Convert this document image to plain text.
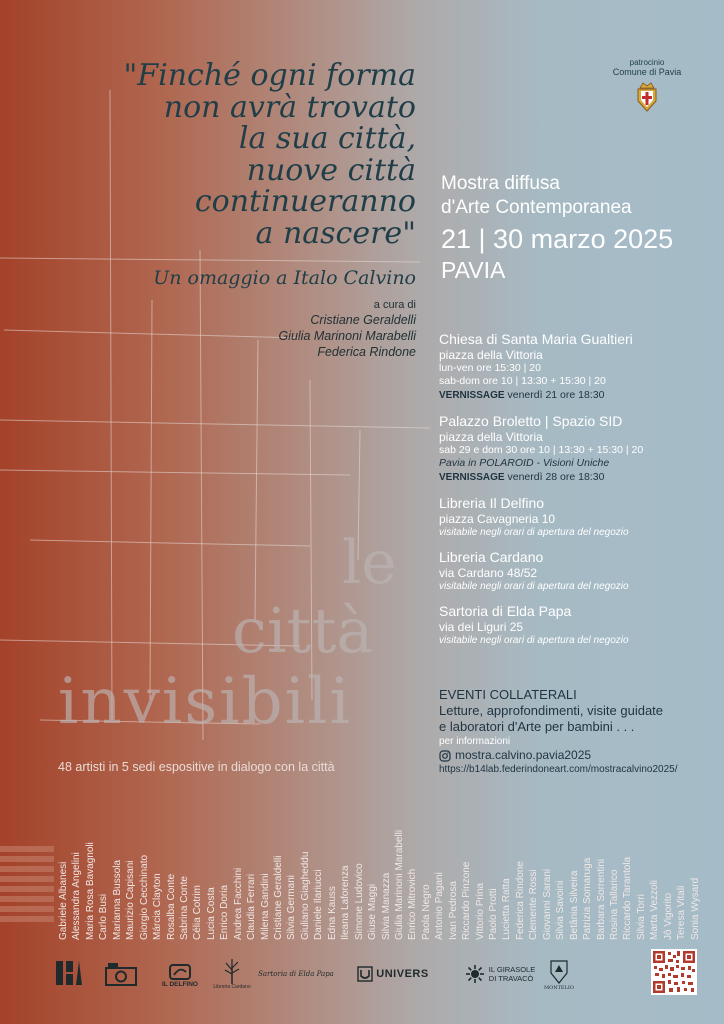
"Finché ogni forma
non avrà trovato
la sua città,
nuove città
continueranno
a nascere"
Un omaggio a Italo Calvino
a cura di
Cristiane Geraldelli
Giulia Marinoni Marabelli
Federica Rindone
patrocinio
Comune di Pavia
Mostra diffusa
d'Arte Contemporanea
21 | 30 marzo 2025
PAVIA
Chiesa di Santa Maria Gualtieri
piazza della Vittoria
lun-ven ore 15:30 | 20
sab-dom ore 10 | 13:30 + 15:30 | 20
VERNISSAGE venerdì 21 ore 18:30
Palazzo Broletto | Spazio SID
piazza della Vittoria
sab 29 e dom 30 ore 10 | 13:30 + 15:30 | 20
Pavia in POLAROID - Visioni Uniche
VERNISSAGE venerdì 28 ore 18:30
Libreria Il Delfino
piazza Cavagneria 10
visitabile negli orari di apertura del negozio
Libreria Cardano
via Cardano 48/52
visitabile negli orari di apertura del negozio
Sartoria di Elda Papa
via dei Liguri 25
visitabile negli orari di apertura del negozio
EVENTI COLLATERALI
Letture, approfondimenti, visite guidate
e laboratori d'Arte per bambini . . .
per informazioni
mostra.calvino.pavia2025
https://b14lab.federindoneart.com/mostracalvino2025/
le
città
invisibili
48 artisti in 5 sedi espositive in dialogo con la città
Gabriele Albanesi Alessandra Angelini Maria Rosa Bavagnoli Carlo Busi Marianna Bussola Maurizio Capisani Giorgio Cecchinato Márcia Clayton Rosalba Conte Sabrina Conte Célia Cotrim Lucia Costa Enrico Doria Andrea Facchini Claudia Ferrari Milena Gandini Cristiane Geraldelli Silvia Germani Giuliano Giagheddu Daniele Ilariucci Edna Kauss Ileana Laforenza Simone Ludovico Giuse Maggi Silvia Manazza Giulia Marinoni Marabelli Enrico Mitrovich Paola Negro Antonio Pagani Ivan Pedrosa Riccardo Pinzone Vittorio Prina Paolo Protti Lucietta Ratta Federica Rindone Clemente Rossi Giovanni Sarani Silvia Savoini Betânia Silveira Patrizia Somaruga Barbara Sorrentini Rosina Tallarico Riccardo Tarantola Silvia Torri Marta Vezzoli Jô Vigorito Teresa Vitali Sonia Wysard
IL DELFINO	Libreria Cardano
Sartoria di Elda Papa	UNIVERS	IL GIRASOLE
DI TRAVACÒ
MONTELIO
